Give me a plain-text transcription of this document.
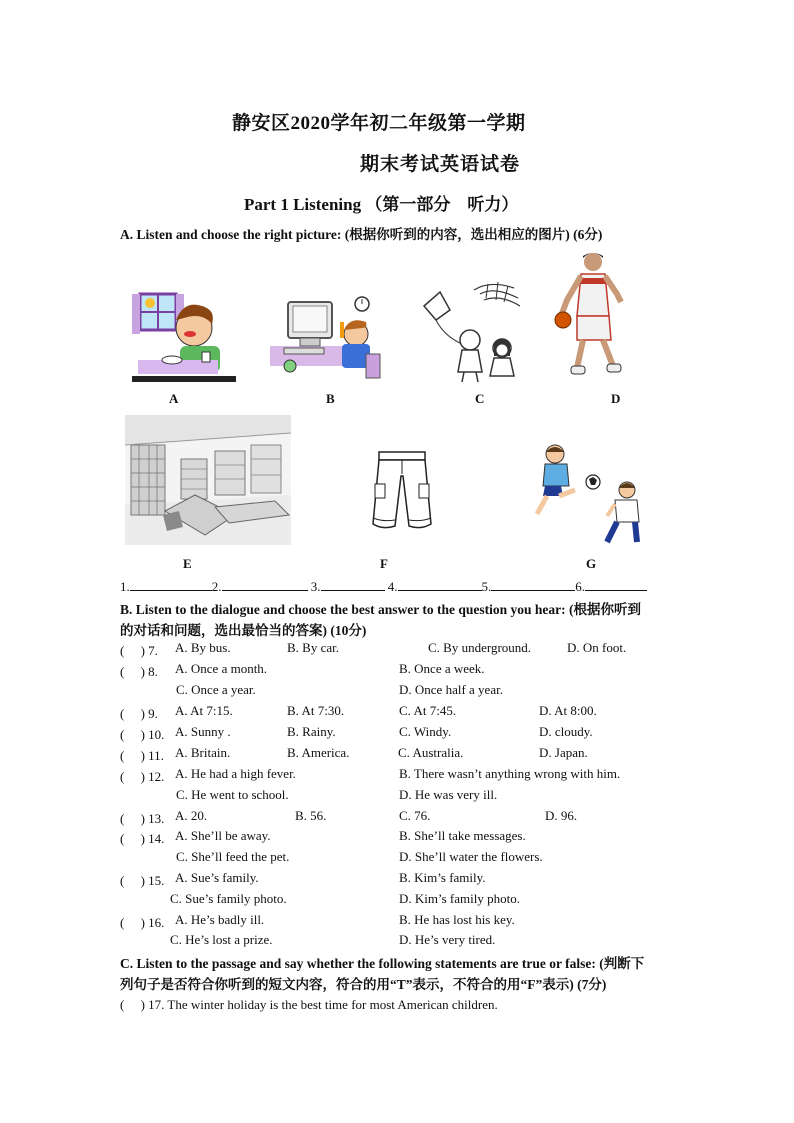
静安区2020学年初二年级第一学期
期末考试英语试卷
Part 1 Listening （第一部分　听力）
A. Listen and choose the right picture: (根据你听到的内容，选出相应的图片) (6分)
A	B	C	D
E	F	G
1.	2.	3.	4.	5.	6.
B. Listen to the dialogue and choose the best answer to the question you hear: (根据你听到
的对话和问题，选出最恰当的答案) (10分)
(　 ) 7. A. By bus.	B. By car.	C. By underground.	D. On foot.
(　 ) 8. A. Once a month.	B. Once a week.
C. Once a year.	D. Once half a year.
(　 ) 9. A. At 7:15.	B. At 7:30.	C. At 7:45.	D. At 8:00.
(　 ) 10. A. Sunny .	B. Rainy.	C. Windy.	D. cloudy.
(　 ) 11. A. Britain.	B. America.	C. Australia.	D. Japan.
(　 ) 12. A. He had a high fever.	B. There wasn’t anything wrong with him.
C. He went to school.	D. He was very ill.
(　 ) 13. A. 20.	B. 56.	C. 76.	D. 96.
(　 ) 14. A. She’ll be away.	B. She’ll take messages.
C. She’ll feed the pet.	D. She’ll water the flowers.
(　 ) 15. A. Sue’s family.	B. Kim’s family.
C. Sue’s family photo.	D. Kim’s family photo.
(　 ) 16. A. He’s badly ill.	B. He has lost his key.
C. He’s lost a prize.	D. He’s very tired.
C. Listen to the passage and say whether the following statements are true or false: (判断下
列句子是否符合你听到的短文内容，符合的用“T”表示，不符合的用“F”表示) (7分)
(　 ) 17. The winter holiday is the best time for most American children.
